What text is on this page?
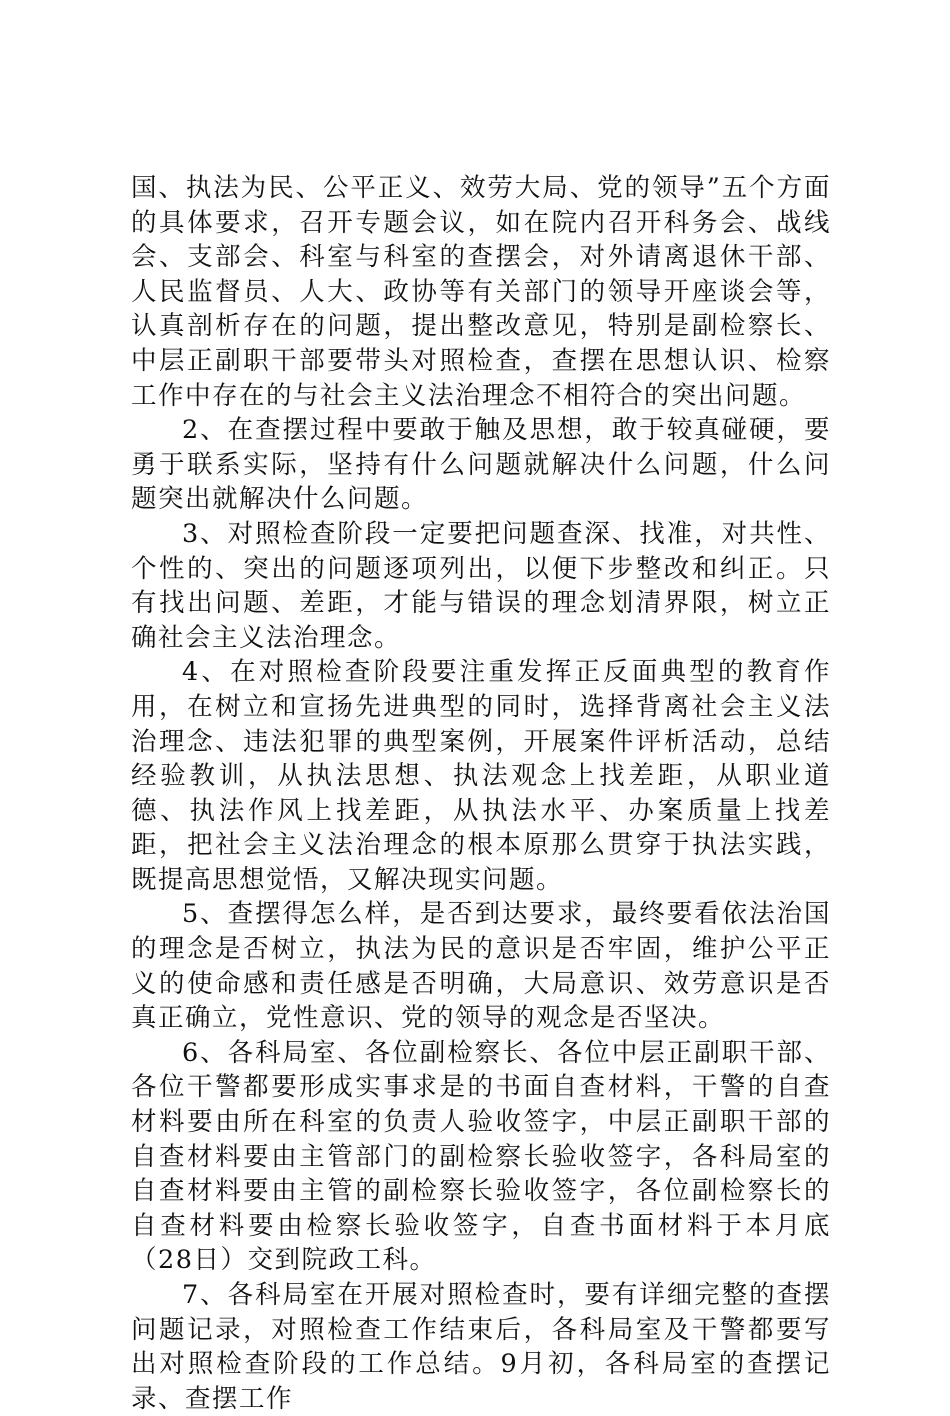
国、执法为民、公平正义、效劳大局、党的领导”五个方面的具体要求，召开专题会议，如在院内召开科务会、战线会、支部会、科室与科室的查摆会，对外请离退休干部、人民监督员、人大、政协等有关部门的领导开座谈会等，认真剖析存在的问题，提出整改意见，特别是副检察长、中层正副职干部要带头对照检查，查摆在思想认识、检察工作中存在的与社会主义法治理念不相符合的突出问题。

2、在查摆过程中要敢于触及思想，敢于较真碰硬，要勇于联系实际，坚持有什么问题就解决什么问题，什么问题突出就解决什么问题。

3、对照检查阶段一定要把问题查深、找准，对共性、个性的、突出的问题逐项列出，以便下步整改和纠正。只有找出问题、差距，才能与错误的理念划清界限，树立正确社会主义法治理念。

4、在对照检查阶段要注重发挥正反面典型的教育作用，在树立和宣扬先进典型的同时，选择背离社会主义法治理念、违法犯罪的典型案例，开展案件评析活动，总结经验教训，从执法思想、执法观念上找差距，从职业道德、执法作风上找差距，从执法水平、办案质量上找差距，把社会主义法治理念的根本原那么贯穿于执法实践，既提高思想觉悟，又解决现实问题。

5、查摆得怎么样，是否到达要求，最终要看依法治国的理念是否树立，执法为民的意识是否牢固，维护公平正义的使命感和责任感是否明确，大局意识、效劳意识是否真正确立，党性意识、党的领导的观念是否坚决。

6、各科局室、各位副检察长、各位中层正副职干部、各位干警都要形成实事求是的书面自查材料，干警的自查材料要由所在科室的负责人验收签字，中层正副职干部的自查材料要由主管部门的副检察长验收签字，各科局室的自查材料要由主管的副检察长验收签字，各位副检察长的自查材料要由检察长验收签字，自查书面材料于本月底（28日）交到院政工科。

7、各科局室在开展对照检查时，要有详细完整的查摆问题记录，对照检查工作结束后，各科局室及干警都要写出对照检查阶段的工作总结。9月初，各科局室的查摆记录、查摆工作
